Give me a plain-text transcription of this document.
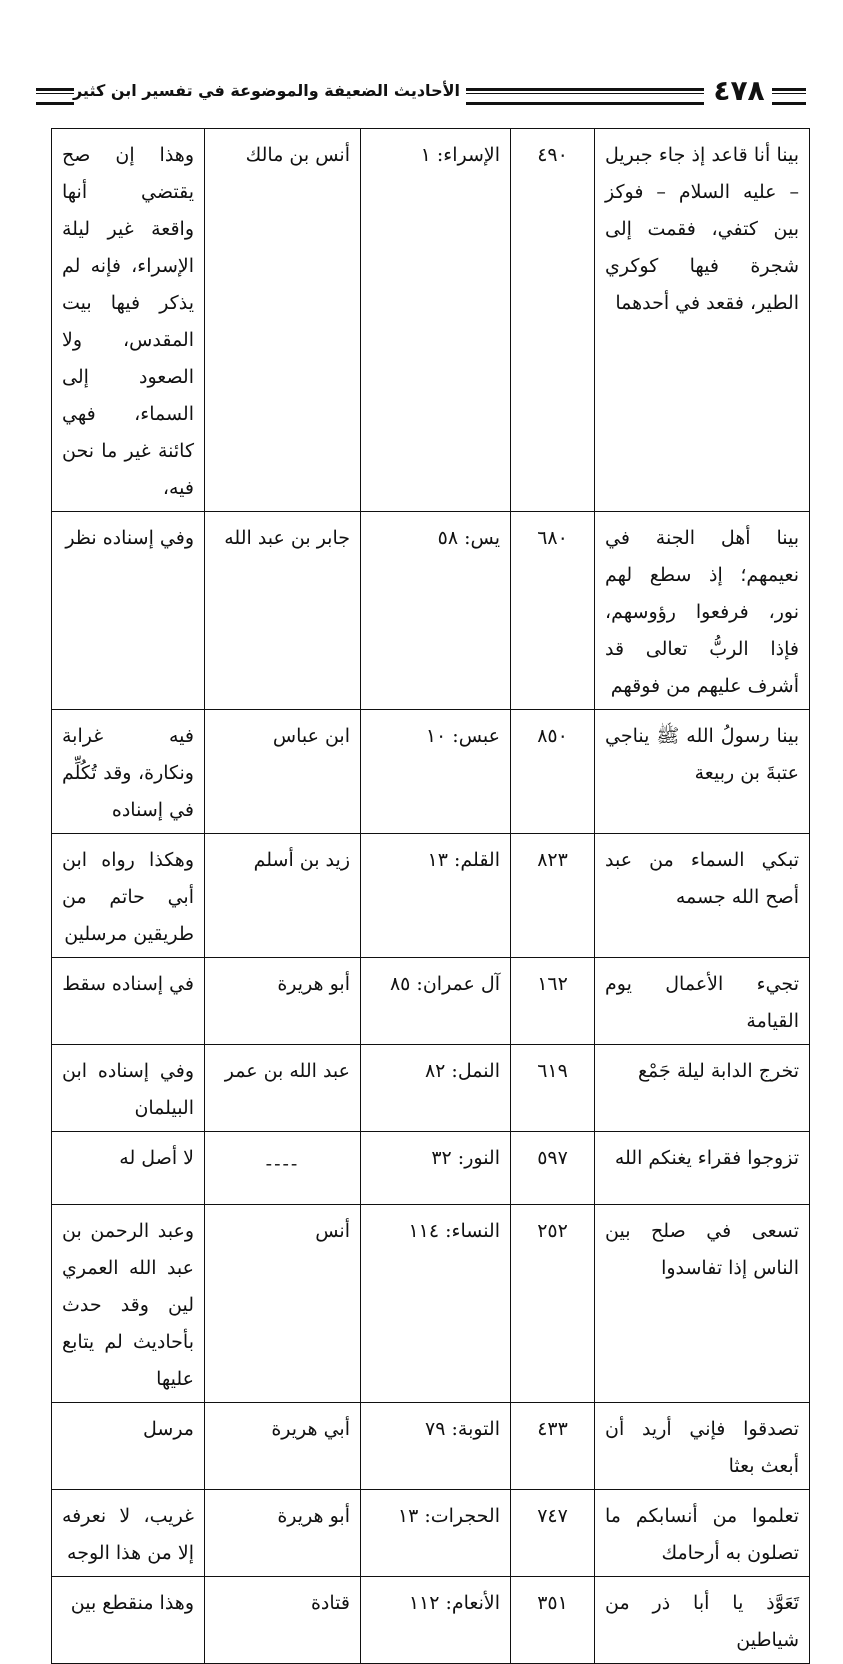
الأحاديث الضعيفة والموضوعة في تفسير ابن كثير	٤٧٨
بينا أنا قاعد إذ جاء جبريل – عليه السلام – فوكز بين كتفي، فقمت إلى شجرة فيها كوكري الطير، فقعد في أحدهما	٤٩٠	الإسراء: ١	أنس بن مالك	وهذا إن صح يقتضي أنها واقعة غير ليلة الإسراء، فإنه لم يذكر فيها بيت المقدس، ولا الصعود إلى السماء، فهي كائنة غير ما نحن فيه،
بينا أهل الجنة في نعيمهم؛ إذ سطع لهم نور، فرفعوا رؤوسهم، فإذا الربُّ تعالى قد أشرف عليهم من فوقهم	٦٨٠	يس: ٥٨	جابر بن عبد الله	وفي إسناده نظر
بينا رسولُ الله ﷺ يناجي عتبةَ بن ربيعة	٨٥٠	عبس: ١٠	ابن عباس	فيه غرابة ونكارة، وقد تُكُلِّم في إسناده
تبكي السماء من عبد أصح الله جسمه	٨٢٣	القلم: ١٣	زيد بن أسلم	وهكذا رواه ابن أبي حاتم من طريقين مرسلين
تجيء الأعمال يوم القيامة	١٦٢	آل عمران: ٨٥	أبو هريرة	في إسناده سقط
تخرج الدابة ليلة جَمْع	٦١٩	النمل: ٨٢	عبد الله بن عمر	وفي إسناده ابن البيلمان
تزوجوا فقراء يغنكم الله	٥٩٧	النور: ٣٢	----	لا أصل له
تسعى في صلح بين الناس إذا تفاسدوا	٢٥٢	النساء: ١١٤	أنس	وعبد الرحمن بن عبد الله العمري لين وقد حدث بأحاديث لم يتابع عليها
تصدقوا فإني أريد أن أبعث بعثا	٤٣٣	التوبة: ٧٩	أبي هريرة	مرسل
تعلموا من أنسابكم ما تصلون به أرحامك	٧٤٧	الحجرات: ١٣	أبو هريرة	غريب، لا نعرفه إلا من هذا الوجه
تَعَوَّذ يا أبا ذر من شياطين	٣٥١	الأنعام: ١١٢	قتادة	وهذا منقطع بين
